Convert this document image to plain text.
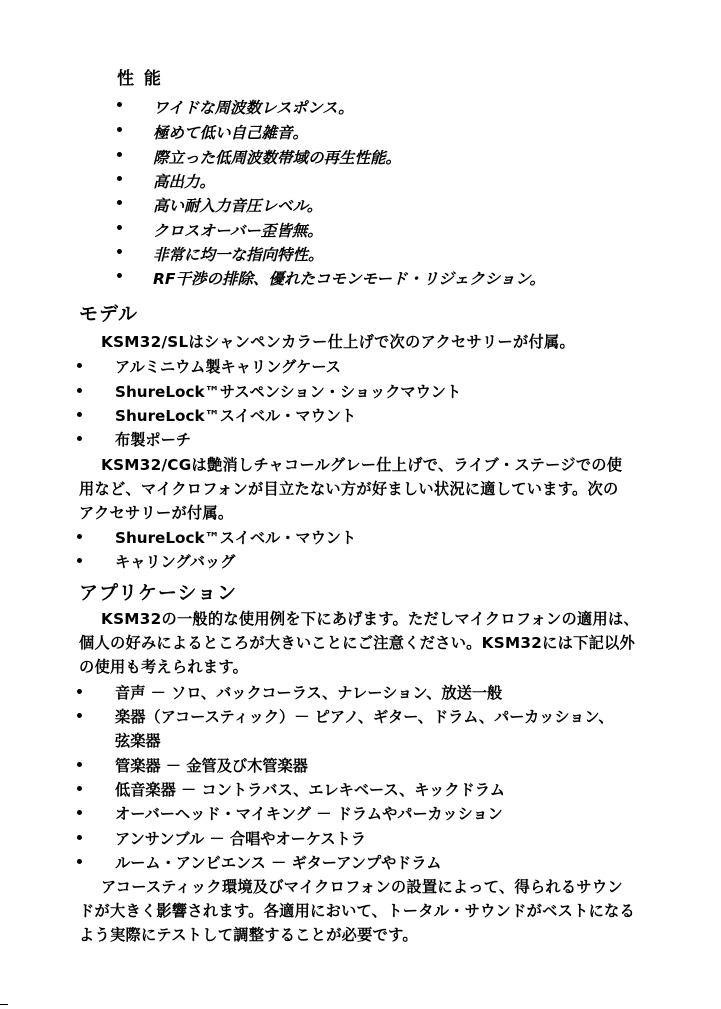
性 能
ワイドな周波数レスポンス。
極めて低い自己雑音。
際立った低周波数帯域の再生性能。
高出力。
高い耐入力音圧レベル。
クロスオーバー歪皆無。
非常に均一な指向特性。
RF干渉の排除、優れたコモンモード・リジェクション。
モデル
KSM32/SLはシャンペンカラー仕上げで次のアクセサリーが付属。
アルミニウム製キャリングケース
ShureLock™サスペンション・ショックマウント
ShureLock™スイベル・マウント
布製ポーチ
KSM32/CGは艶消しチャコールグレー仕上げで、ライブ・ステージでの使
用など、マイクロフォンが目立たない方が好ましい状況に適しています。次の
アクセサリーが付属。
ShureLock™スイベル・マウント
キャリングバッグ
アプリケーション
KSM32の一般的な使用例を下にあげます。ただしマイクロフォンの適用は、
個人の好みによるところが大きいことにご注意ください。KSM32には下記以外
の使用も考えられます。
音声 － ソロ、バックコーラス、ナレーション、放送一般
楽器（アコースティック）－ ピアノ、ギター、ドラム、パーカッション、
弦楽器
管楽器 － 金管及び木管楽器
低音楽器 － コントラバス、エレキベース、キックドラム
オーバーヘッド・マイキング － ドラムやパーカッション
アンサンブル － 合唱やオーケストラ
ルーム・アンビエンス － ギターアンプやドラム
アコースティック環境及びマイクロフォンの設置によって、得られるサウン
ドが大きく影響されます。各適用において、トータル・サウンドがベストになる
よう実際にテストして調整することが必要です。
